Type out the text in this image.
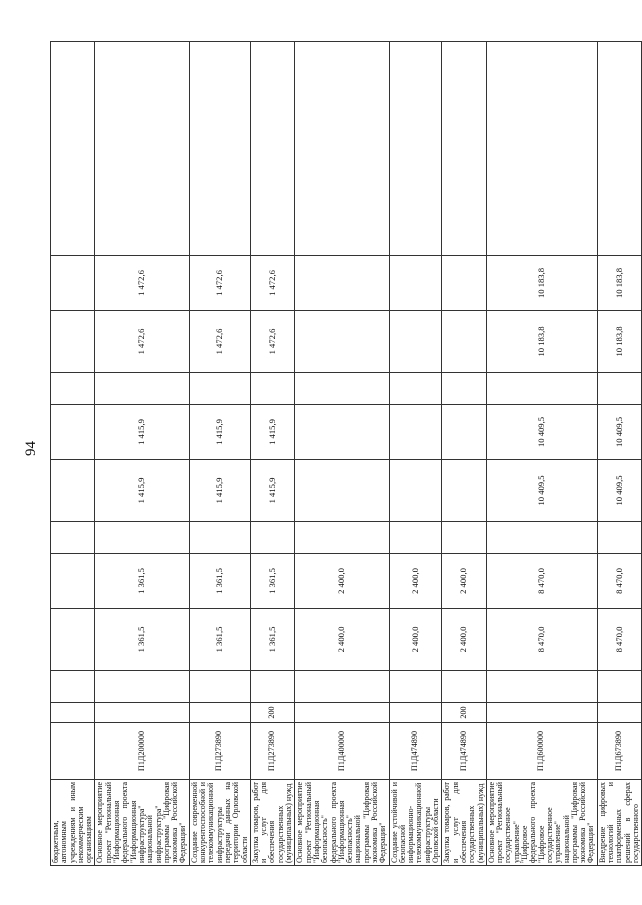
94
бюджетным, автономным учреждениям и иным некоммерческим организациям												
Основное мероприятие проект "Региональный "Информационная федерального проекта "Информационная инфраструктура" национальной инфраструктура" программы "Цифровая экономика Российской Федерации"	П1Д200000			1 361,5	1 361,5		1 415,9	1 415,9		1 472,6	1 472,6	
Создание современной конкурентоспособной и телекоммуникационной инфраструктуры передачи данных на территории Орловской области	П1Д273890			1 361,5	1 361,5		1 415,9	1 415,9		1 472,6	1 472,6	
Закупка товаров, работ и услуг для обеспечения государственных (муниципальных) нужд	П1Д273890	200		1 361,5	1 361,5		1 415,9	1 415,9		1 472,6	1 472,6	
Основное мероприятие проект "Региональный "Информационная безопасность" федерального проекта "Информационная безопасность" национальной программы "Цифровая экономика Российской Федерации"	П1Д400000			2 400,0	2 400,0							
Создание устойчивой и безопасной информационно-телекоммуникационной инфраструктуры Орловской области	П1Д474890			2 400,0	2 400,0							
Закупка товаров, работ и услуг для обеспечения государственных (муниципальных) нужд	П1Д474890	200		2 400,0	2 400,0							
Основное мероприятие проект "Региональный государственное управление" "Цифровое федерального проекта "Цифровое государственное управление" национальной программы "Цифровая экономика Российской Федерации"	П1Д600000			8 470,0	8 470,0		10 409,5	10 409,5		10 183,8	10 183,8	
Внедрение цифровых технологий и платформенных решений в сферах государственного	П1Д673890			8 470,0	8 470,0		10 409,5	10 409,5		10 183,8	10 183,8	
